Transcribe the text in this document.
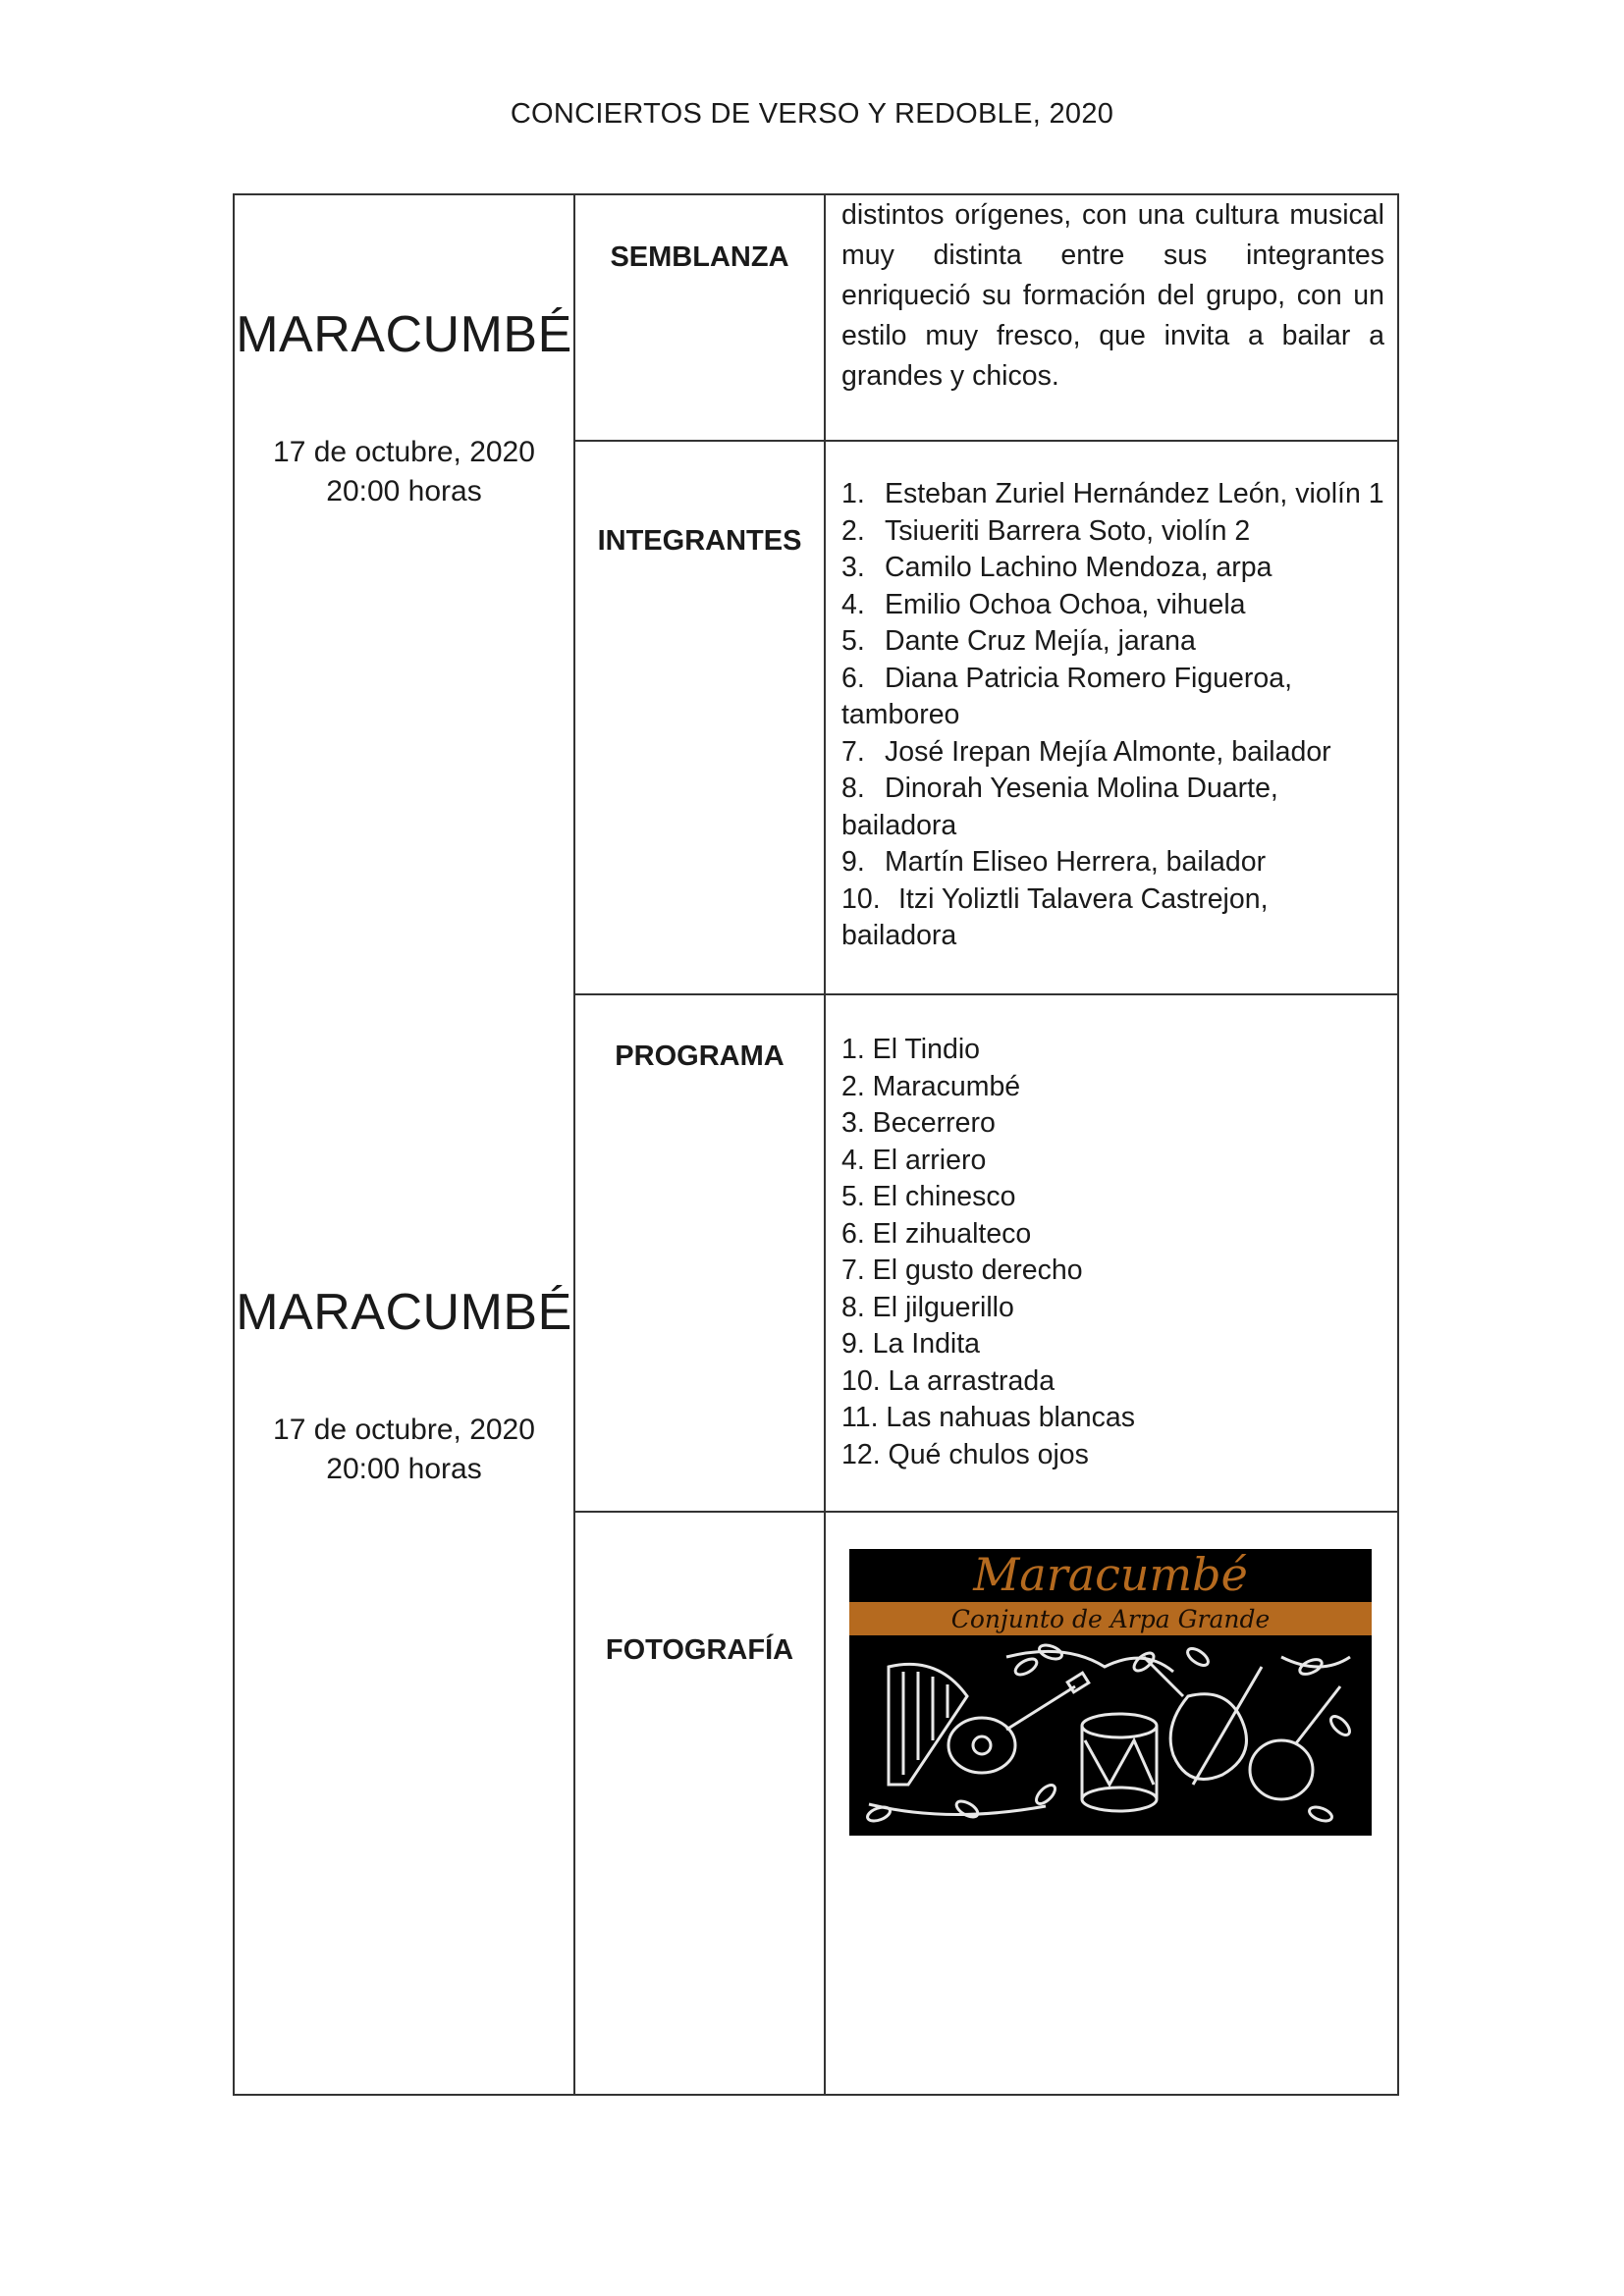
CONCIERTOS DE VERSO Y REDOBLE, 2020
MARACUMBÉ
17 de octubre, 2020
20:00 horas
MARACUMBÉ
17 de octubre, 2020
20:00 horas
SEMBLANZA
INTEGRANTES
PROGRAMA
FOTOGRAFÍA

distintos orígenes, con una cultura musical muy distinta entre sus integrantes enriqueció su formación del grupo, con un estilo muy fresco, que invita a bailar a grandes y chicos.

1. Esteban Zuriel Hernández León, violín 1
2. Tsiueriti Barrera Soto, violín 2
3. Camilo Lachino Mendoza, arpa
4. Emilio Ochoa Ochoa, vihuela
5. Dante Cruz Mejía, jarana
6. Diana Patricia Romero Figueroa,
tamboreo
7. José Irepan Mejía Almonte, bailador
8. Dinorah Yesenia Molina Duarte,
bailadora
9. Martín Eliseo Herrera, bailador
10. Itzi Yoliztli Talavera Castrejon,
bailadora
1. El Tindio
2. Maracumbé
3. Becerrero
4. El arriero
5. El chinesco
6. El zihualteco
7. El gusto derecho
8. El jilguerillo
9. La Indita
10. La arrastrada
11. Las nahuas blancas
12. Qué chulos ojos
Maracumbé
Conjunto de Arpa Grande
